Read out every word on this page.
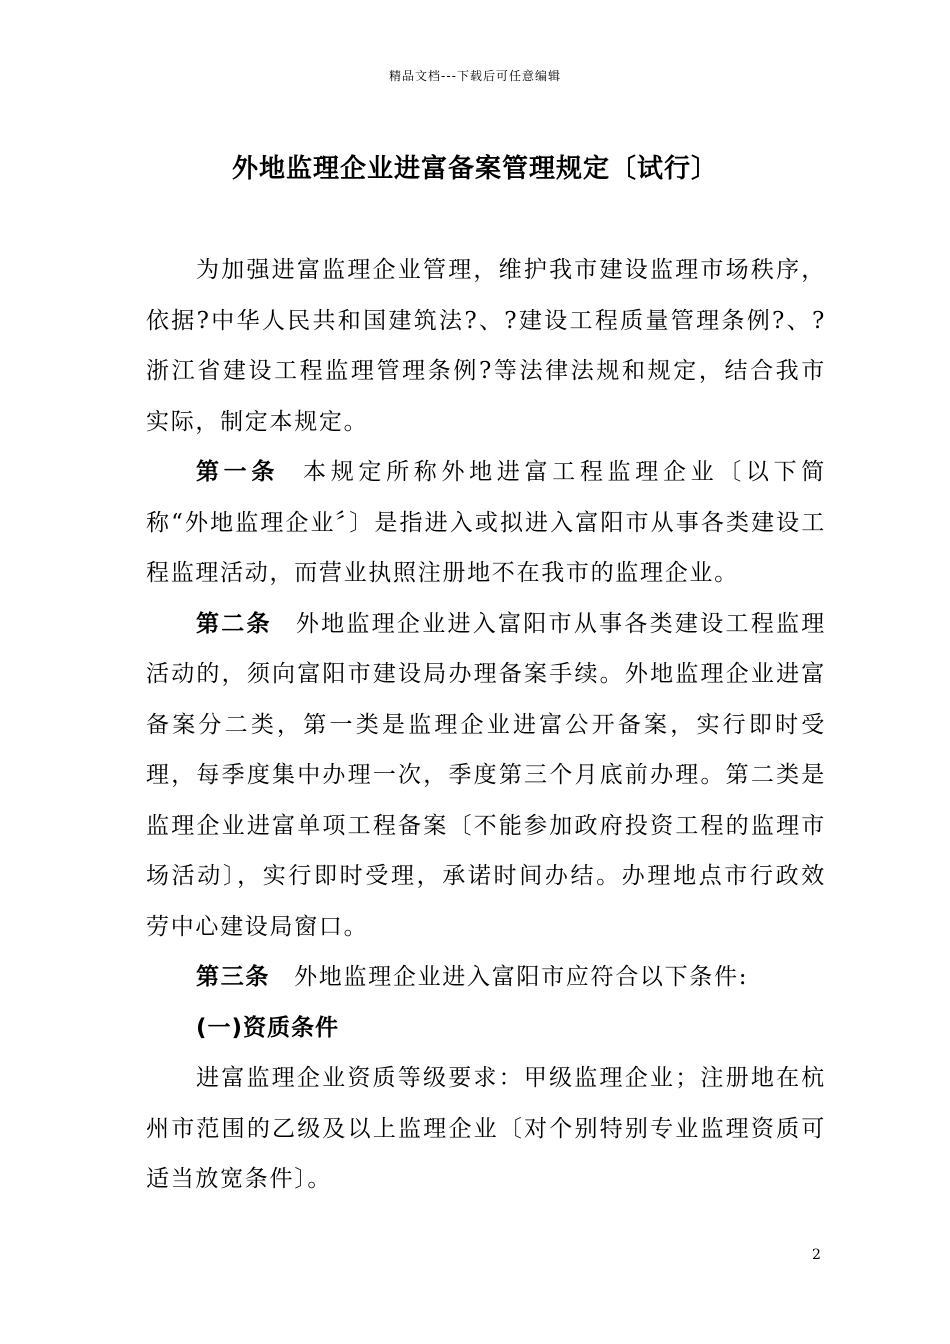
精品文档---下载后可任意编辑
外地监理企业进富备案管理规定〔试行〕

为加强进富监理企业管理，维护我市建设监理市场秩序，依据?中华人民共和国建筑法?、?建设工程质量管理条例?、?浙江省建设工程监理管理条例?等法律法规和规定，结合我市实际，制定本规定。

第一条 本规定所称外地进富工程监理企业〔以下简称“外地监理企业〞〕是指进入或拟进入富阳市从事各类建设工程监理活动，而营业执照注册地不在我市的监理企业。

第二条 外地监理企业进入富阳市从事各类建设工程监理活动的，须向富阳市建设局办理备案手续。外地监理企业进富备案分二类，第一类是监理企业进富公开备案，实行即时受理，每季度集中办理一次，季度第三个月底前办理。第二类是监理企业进富单项工程备案〔不能参加政府投资工程的监理市场活动〕，实行即时受理，承诺时间办结。办理地点市行政效劳中心建设局窗口。

第三条 外地监理企业进入富阳市应符合以下条件:

(一)资质条件

进富监理企业资质等级要求：甲级监理企业；注册地在杭州市范围的乙级及以上监理企业〔对个别特别专业监理资质可适当放宽条件〕。

2
